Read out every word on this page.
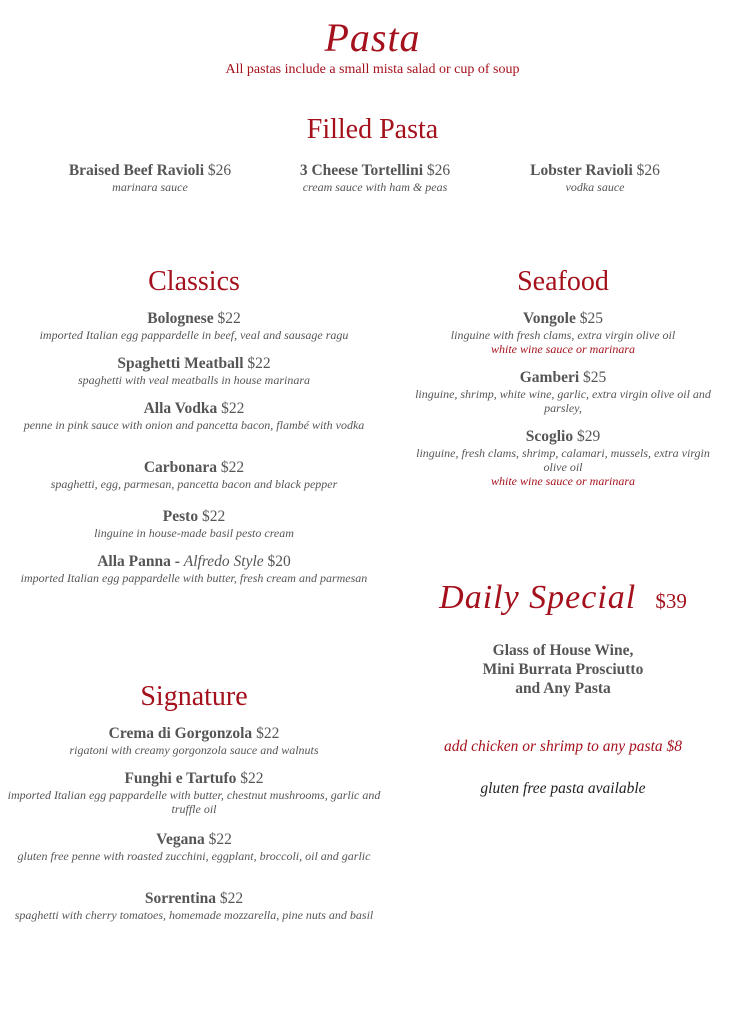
Pasta
All pastas include a small mista salad or cup of soup
Filled Pasta
Braised Beef Ravioli $26
marinara sauce
3 Cheese Tortellini $26
cream sauce with ham & peas
Lobster Ravioli $26
vodka sauce
Classics
Bolognese $22
imported Italian egg pappardelle in beef, veal and sausage ragu
Spaghetti Meatball $22
spaghetti with veal meatballs in house marinara
Alla Vodka $22
penne in pink sauce with onion and pancetta bacon, flambé with vodka
Carbonara $22
spaghetti, egg, parmesan, pancetta bacon and black pepper
Pesto $22
linguine in house-made basil pesto cream
Alla Panna - Alfredo Style $20
imported Italian egg pappardelle with butter, fresh cream and parmesan
Seafood
Vongole $25
linguine with fresh clams, extra virgin olive oil
white wine sauce or marinara
Gamberi $25
linguine, shrimp, white wine, garlic, extra virgin olive oil and parsley,
Scoglio $29
linguine, fresh clams, shrimp, calamari, mussels, extra virgin olive oil
white wine sauce or marinara
Daily Special $39
Glass of House Wine,
Mini Burrata Prosciutto
and Any Pasta
add chicken or shrimp to any pasta $8
gluten free pasta available
Signature
Crema di Gorgonzola $22
rigatoni with creamy gorgonzola sauce and walnuts
Funghi e Tartufo $22
imported Italian egg pappardelle with butter, chestnut mushrooms, garlic and truffle oil
Vegana $22
gluten free penne with roasted zucchini, eggplant, broccoli, oil and garlic
Sorrentina $22
spaghetti with cherry tomatoes, homemade mozzarella, pine nuts and basil
